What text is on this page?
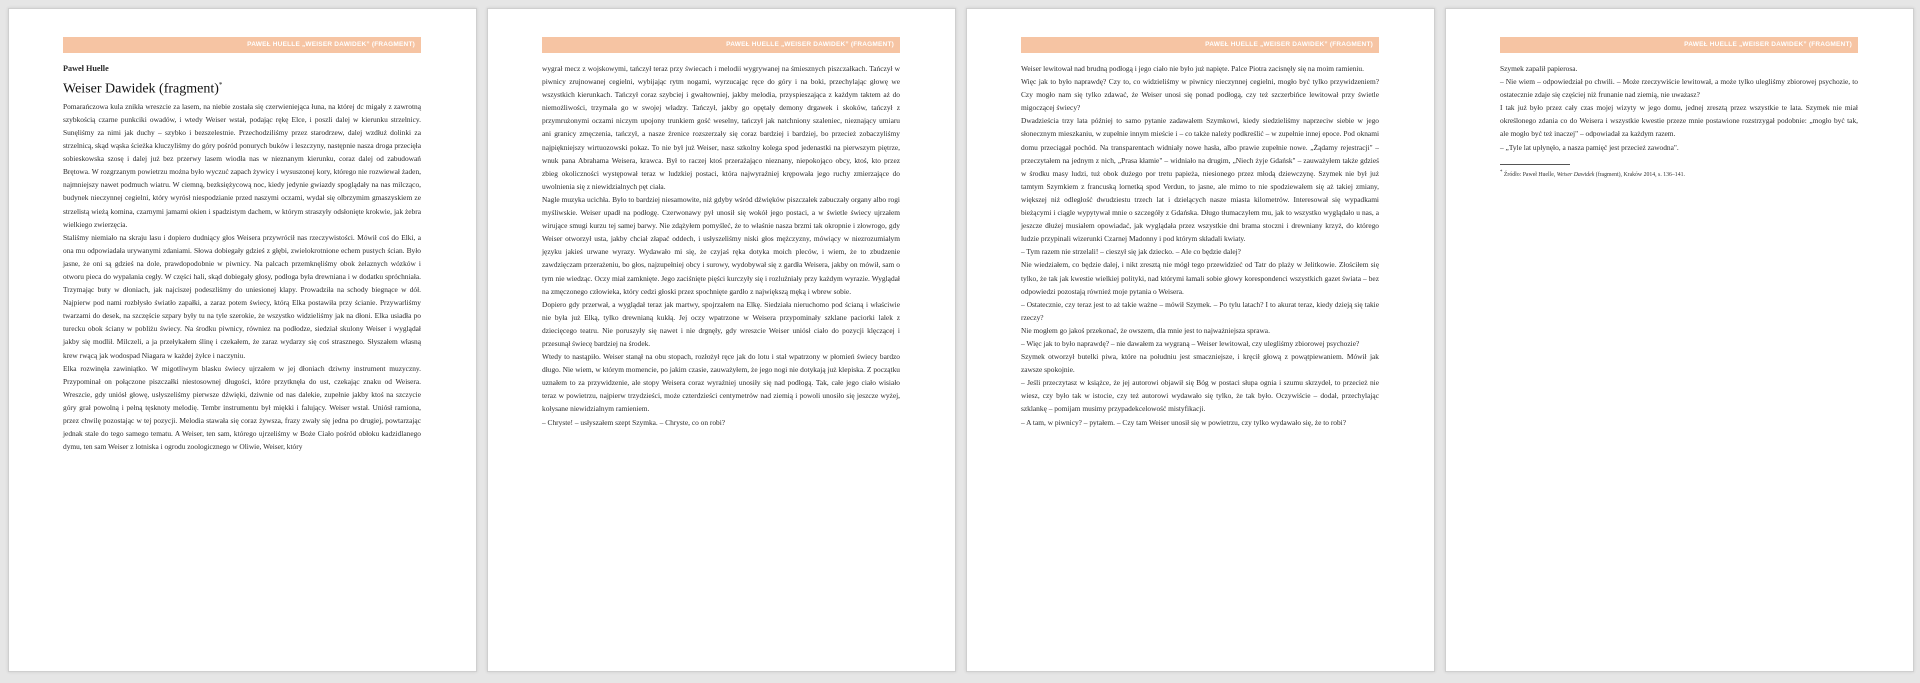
PAWEŁ HUELLE „WEISER DAWIDEK” (FRAGMENT)

Paweł Huelle

Weiser Dawidek (fragment)*

Pomarańczowa kula znikła wreszcie za lasem, na niebie została się czerwieniejąca łuna, na której dc migały z zawrotną szybkością czarne punkciki owadów, i wtedy Weiser wstał, podając rękę Elce, i poszli dalej w kierunku strzelnicy. Sunęliśmy za nimi jak duchy – szybko i bezszelestnie. Przechodziliśmy przez starodrzew, dalej wzdłuż dolinki za strzelnicą, skąd wąska ścieżka kluczyliśmy do góry pośród ponurych buków i leszczyny, następnie nasza droga przecięła sobieskowska szosę i dalej już bez przerwy lasem wiodła nas w nieznanym kierunku, coraz dalej od zabudowań Brętowa. W rozgrzanym powietrzu można było wyczuć zapach żywicy i wysuszonej kory, którego nie rozwiewał żaden, najmniejszy nawet podmuch wiatru. W ciemną, bezksiężycową noc, kiedy jedynie gwiazdy spoglądały na nas milcząco, budynek nieczynnej cegielni, który wyrósł niespodzianie przed naszymi oczami, wydał się olbrzymim gmaszyskiem ze strzelistą wieżą komina, czarnymi jamami okien i spadzistym dachem, w którym straszyły odsłonięte krokwie, jak żebra wielkiego zwierzęcia.

Staliśmy niemiało na skraju lasu i dopiero dudniący głos Weisera przywrócił nas rzeczywistości. Mówił coś do Elki, a ona mu odpowiadała urywanymi zdaniami. Słowa dobiegały gdzieś z głębi, zwielokrotnione echem pustych ścian. Było jasne, że oni są gdzieś na dole, prawdopodobnie w piwnicy. Na palcach przemknęliśmy obok żelaznych wózków i otworu pieca do wypalania cegły. W części hali, skąd dobiegały głosy, podłoga była drewniana i w dodatku spróchniała. Trzymając buty w dłoniach, jak najciszej podeszliśmy do uniesionej klapy. Prowadziła na schody biegnące w dół. Najpierw pod nami rozbłysło światło zapałki, a zaraz potem świecy, którą Elka postawiła przy ścianie. Przywarliśmy twarzami do desek, na szczęście szpary były tu na tyle szerokie, że wszystko widzieliśmy jak na dłoni. Elka usiadła po turecku obok ściany w pobliżu świecy. Na środku piwnicy, równiez na podłodze, siedział skulony Weiser i wyglądał jakby się modlił. Milczeli, a ja przełykałem ślinę i czekałem, że zaraz wydarzy się coś strasznego. Słyszałem własną krew rwącą jak wodospad Niagara w każdej żyłce i naczyniu.

Elka rozwinęła zawiniątko. W migotliwym blasku świecy ujrzałem w jej dłoniach dziwny instrument muzyczny. Przypominał on połączone piszczałki niestosownej długości, które przytknęła do ust, czekając znaku od Weisera. Wreszcie, gdy uniósł głowę, usłyszeliśmy pierwsze dźwięki, dziwnie od nas dalekie, zupełnie jakby ktoś na szczycie góry grał powolną i pełną tęsknoty melodię. Tembr instrumentu był miękki i falujący. Weiser wstał. Uniósł ramiona, przez chwilę pozostając w tej pozycji. Melodia stawała się coraz żywsza, frazy zwały się jedna po drugiej, powtarzając jednak stale do tego samego tematu. A Weiser, ten sam, którego ujrzeliśmy w Boże Ciało pośród obłoku kadzidlanego dymu, ten sam Weiser z lotniska i ogrodu zoologicznego w Oliwie, Weiser, który

PAWEŁ HUELLE „WEISER DAWIDEK” (FRAGMENT)

wygrał mecz z wojskowymi, tańczył teraz przy świecach i melodii wygrywanej na śmiesznych piszczałkach. Tańczył w piwnicy zrujnowanej cegielni, wybijając rytm nogami, wyrzucając ręce do góry i na boki, przechylając głowę we wszystkich kierunkach. Tańczył coraz szybciej i gwałtowniej, jakby melodia, przyspieszająca z każdym taktem aż do niemożliwości, trzymała go w swojej władzy. Tańczył, jakby go opętały demony drgawek i skoków, tańczył z przymrużonymi oczami niczym upojony trunkiem gość weselny, tańczył jak natchniony szaleniec, nieznający umiaru ani granicy zmęczenia, tańczył, a nasze źrenice rozszerzały się coraz bardziej i bardziej, bo przecież zobaczyliśmy najpiękniejszy wirtuozowski pokaz. To nie był już Weiser, nasz szkolny kolega spod jedenastki na pierwszym piętrze, wnuk pana Abrahama Weisera, krawca. Był to raczej ktoś przerażająco nieznany, niepokojąco obcy, ktoś, kto przez zbieg okoliczności występował teraz w ludzkiej postaci, która najwyraźniej krępowała jego ruchy zmierzające do uwolnienia się z niewidzialnych pęt ciała.

Nagle muzyka ucichła. Było to bardziej niesamowite, niż gdyby wśród dźwięków piszczałek zabuczały organy albo rogi myśliwskie. Weiser upadł na podłogę. Czerwonawy pył unosił się wokół jego postaci, a w świetle świecy ujrzałem wirujące smugi kurzu tej samej barwy. Nie zdążyłem pomyśleć, że to właśnie nasza brzmi tak okropnie i złowrogo, gdy Weiser otworzył usta, jakby chciał złapać oddech, i usłyszeliśmy niski głos mężczyzny, mówiący w niezrozumiałym języku jakieś urwane wyrazy. Wydawało mi się, że czyjaś ręka dotyka moich pleców, i wiem, że to zbudzenie zawdzięczam przerażeniu, bo głos, najzupełniej obcy i surowy, wydobywał się z gardła Weisera, jakby on mówił, sam o tym nie wiedząc. Oczy miał zamknięte. Jego zaciśnięte pięści kurczyły się i rozluźniały przy każdym wyrazie. Wyglądał na zmęczonego człowieka, który cedzi głoski przez spochnięte gardło z największą męką i wbrew sobie.

Dopiero gdy przerwał, a wyglądał teraz jak martwy, spojrzałem na Elkę. Siedziała nieruchomo pod ścianą i właściwie nie była już Elką, tylko drewnianą kukłą. Jej oczy wpatrzone w Weisera przypominały szklane paciorki lalek z dziecięcego teatru. Nie poruszyły się nawet i nie drgnęły, gdy wreszcie Weiser uniósł ciało do pozycji klęczącej i przesunął świecę bardziej na środek.

Wtedy to nastąpiło. Weiser stanął na obu stopach, rozłożył ręce jak do lotu i stał wpatrzony w płomień świecy bardzo długo. Nie wiem, w którym momencie, po jakim czasie, zauważyłem, że jego nogi nie dotykają już klepiska. Z początku uznałem to za przywidzenie, ale stopy Weisera coraz wyraźniej unosiły się nad podłogą. Tak, całe jego ciało wisiało teraz w powietrzu, najpierw trzydzieści, może czterdzieści centymetrów nad ziemią i powoli unosiło się jeszcze wyżej, kołysane niewidzialnym ramieniem.

– Chryste! – usłyszałem szept Szymka. – Chryste, co on robi?

PAWEŁ HUELLE „WEISER DAWIDEK” (FRAGMENT)

Weiser lewitował nad brudną podłogą i jego ciało nie było już napięte. Palce Piotra zacisnęły się na moim ramieniu.

Więc jak to było naprawdę? Czy to, co widzieliśmy w piwnicy nieczynnej cegielni, mogło być tylko przywidzeniem? Czy mogło nam się tylko zdawać, że Weiser unosi się ponad podłogą, czy też szczerbińce lewitował przy świetle migoczącej świecy?

Dwadzieścia trzy lata później to samo pytanie zadawałem Szymkowi, kiedy siedzieliśmy naprzeciw siebie w jego słonecznym mieszkaniu, w zupełnie innym mieście i – co także należy podkreślić – w zupełnie innej epoce. Pod oknami domu przeciągał pochód. Na transparentach widniały nowe hasła, albo prawie zupełnie nowe. „Żądamy rejestracji" – przeczytałem na jednym z nich, „Prasa kłamie" – widniało na drugim, „Niech żyje Gdańsk" – zauważyłem także gdzieś w środku masy ludzi, tuż obok dużego por tretu papieża, niesionego przez młodą dziewczynę. Szymek nie był już tamtym Szymkiem z francuską lornetką spod Verdun, to jasne, ale mimo to nie spodziewałem się aż takiej zmiany, większej niż odległość dwudziestu trzech lat i dzielących nasze miasta kilometrów. Interesował się wypadkami bieżącymi i ciągle wypytywał mnie o szczegóły z Gdańska. Długo tłumaczyłem mu, jak to wszystko wyglądało u nas, a jeszcze dłużej musiałem opowiadać, jak wyglądała przez wszystkie dni brama stoczni i drewniany krzyż, do którego ludzie przypinali wizerunki Czarnej Madonny i pod którym składali kwiaty.

– Tym razem nie strzelali! – cieszył się jak dziecko. – Ale co będzie dalej?

Nie wiedziałem, co będzie dalej, i nikt zresztą nie mógł tego przewidzieć od Tatr do plaży w Jelitkowie. Złościłem się tylko, że tak jak kwestie wielkiej polityki, nad którymi łamali sobie głowy korespondenci wszystkich gazet świata – bez odpowiedzi pozostają również moje pytania o Weisera.

– Ostatecznie, czy teraz jest to aż takie ważne – mówił Szymek. – Po tylu latach? I to akurat teraz, kiedy dzieją się takie rzeczy?

Nie mogłem go jakoś przekonać, że owszem, dla mnie jest to najważniejsza sprawa.

– Więc jak to było naprawdę? – nie dawałem za wygraną – Weiser lewitował, czy ulegliśmy zbiorowej psychozie?

Szymek otworzył butelki piwa, które na południu jest smaczniejsze, i kręcił głową z powątpiewaniem. Mówił jak zawsze spokojnie.

– Jeśli przeczytasz w książce, że jej autorowi objawił się Bóg w postaci słupa ognia i szumu skrzydeł, to przecież nie wiesz, czy było tak w istocie, czy też autorowi wydawało się tylko, że tak było. Oczywiście – dodał, przechylając szklankę – pomijam musimy przypadekcelowość mistyfikacji.

– A tam, w piwnicy? – pytałem. – Czy tam Weiser unosił się w powietrzu, czy tylko wydawało się, że to robi?

PAWEŁ HUELLE „WEISER DAWIDEK” (FRAGMENT)

Szymek zapalił papierosa.

– Nie wiem – odpowiedział po chwili. – Może rzeczywiście lewitował, a może tylko ulegliśmy zbiorowej psychozie, to ostatecznie zdaje się częściej niż frunanie nad ziemią, nie uważasz?

I tak już było przez cały czas mojej wizyty w jego domu, jednej zresztą przez wszystkie te lata. Szymek nie miał określonego zdania co do Weisera i wszystkie kwestie przeze mnie postawione rozstrzygał podobnie: „mogło być tak, ale mogło być też inaczej" – odpowiadał za każdym razem.

– „Tyle lat upłynęło, a nasza pamięć jest przecież zawodna".

* Źródło: Paweł Huelle, Weiser Dawidek (fragment), Kraków 2014, s. 136–141.
